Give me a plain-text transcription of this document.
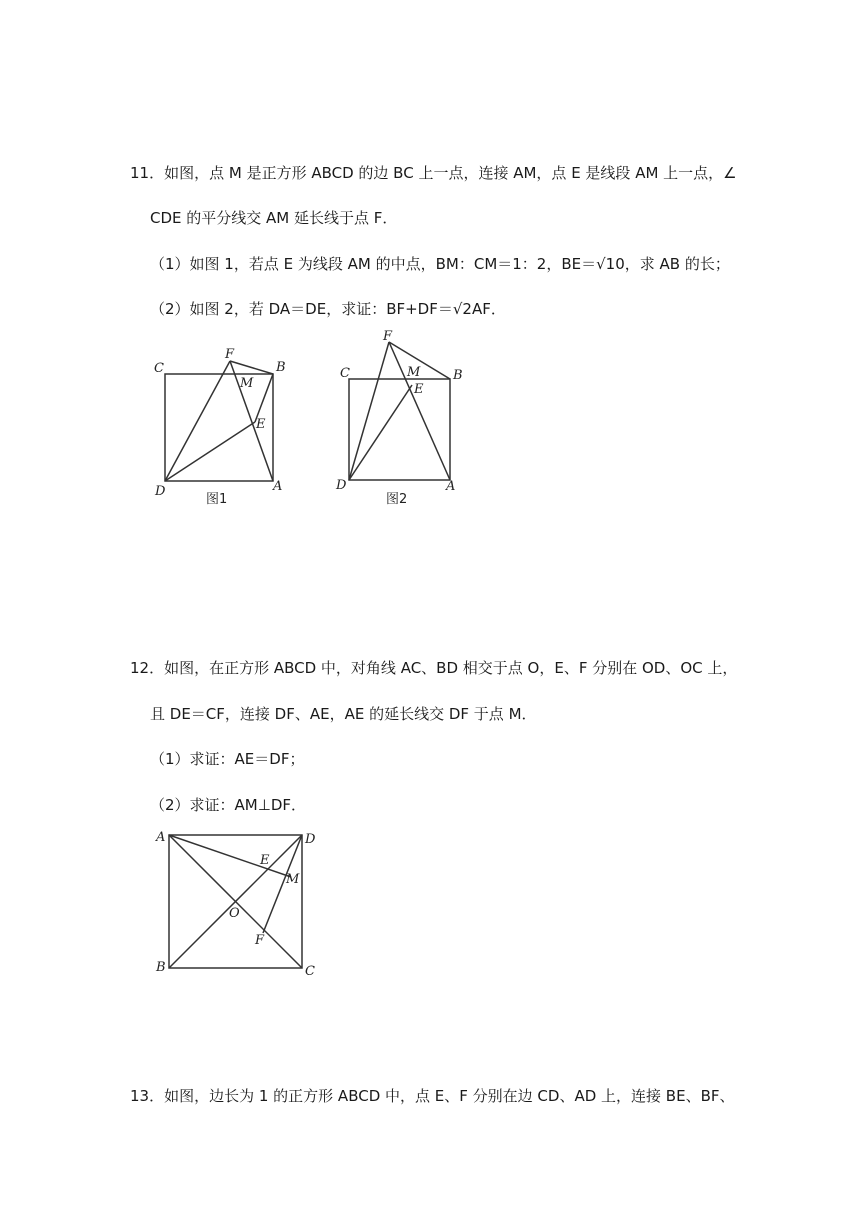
11．如图，点 M 是正方形 ABCD 的边 BC 上一点，连接 AM，点 E 是线段 AM 上一点，∠
CDE 的平分线交 AM 延长线于点 F．
（1）如图 1，若点 E 为线段 AM 的中点，BM：CM＝1：2，BE＝√10，求 AB 的长；
（2）如图 2，若 DA＝DE，求证：BF+DF＝√2AF．
C
F
B
M
E
D	A
图1
F
C	M
E
B
D	A
图2
12．如图，在正方形 ABCD 中，对角线 AC、BD 相交于点 O，E、F 分别在 OD、OC 上，
且 DE＝CF，连接 DF、AE，AE 的延长线交 DF 于点 M．
（1）求证：AE＝DF；
（2）求证：AM⊥DF．
A	D
E
M
O
F
B	C
13．如图，边长为 1 的正方形 ABCD 中，点 E、F 分别在边 CD、AD 上，连接 BE、BF、
